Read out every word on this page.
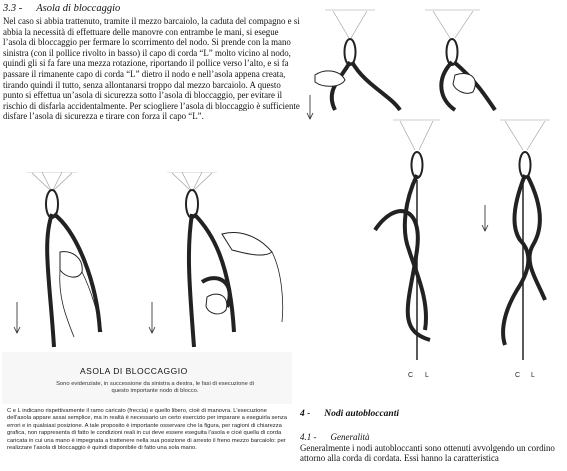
3.3 - Asola di bloccaggio
Nel caso si abbia trattenuto, tramite il mezzo barcaiolo, la caduta del compagno e si abbia la necessità di effettuare delle manovre con entrambe le mani, si esegue l’asola di bloccaggio per fermare lo scorrimento del nodo. Si prende con la mano sinistra (con il pollice rivolto in basso) il capo di corda “L” molto vicino al nodo, quindi gli si fa fare una mezza rotazione, riportando il pollice verso l’alto, e si fa passare il rimanente capo di corda “L” dietro il nodo e nell’asola appena creata, tirando quindi il tutto, senza allontanarsi troppo dal mezzo barcaiolo. A questo punto si effettua un’asola di sicurezza sotto l’asola di bloccaggio, per evitare il rischio di disfarla accidentalmente. Per sciogliere l’asola di bloccaggio è sufficiente disfare l’asola di sicurezza e tirare con forza il capo “L”.
ASOLA DI BLOCCAGGIO
Sono evidenziate, in successione da sinistra a destra, le fasi di esecuzione di questo importante nodo di blocco.
C e L indicano rispettivamente il ramo caricato (freccia) e quello libero, cioè di manovra. L’esecuzione dell’asola appare assai semplice, ma in realtà è necessario un certo esercizio per imparare a eseguirla senza errori e in qualsiasi posizione. A tale proposito è importante osservare che la figura, per ragioni di chiarezza grafica, non rappresenta di fatto le condizioni reali in cui deve essere eseguita l’asola e cioè quella di corda caricata in cui una mano è impegnata a trattenere nella sua posizione di arresto il freno mezzo barcaiolo: per realizzare l’asola di bloccaggio è quindi disponibile di fatto una sola mano.
C L	C L
4 - Nodi autobloccanti
4.1 - Generalità
Generalmente i nodi autobloccanti sono ottenuti avvolgendo un cordino attorno alla corda di cordata. Essi hanno la caratteristica
